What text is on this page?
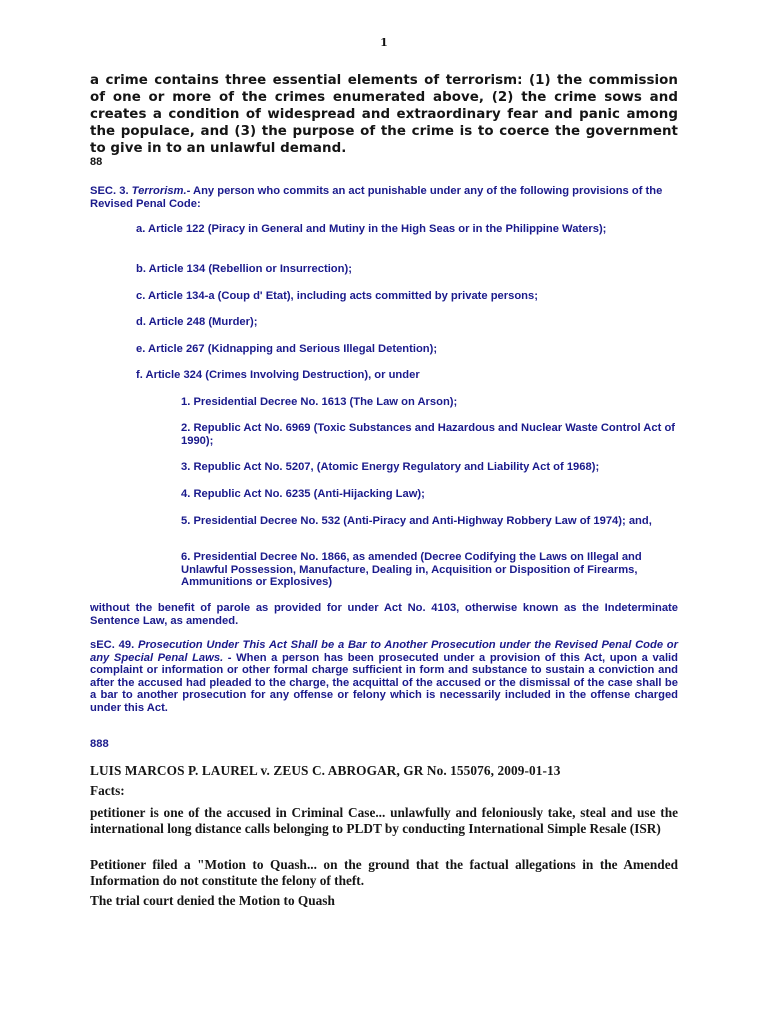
1
a crime contains three essential elements of terrorism: (1) the commission of one or more of the crimes enumerated above, (2) the crime sows and creates a condition of widespread and extraordinary fear and panic among the populace, and (3) the purpose of the crime is to coerce the government to give in to an unlawful demand.
88
SEC. 3. Terrorism.- Any person who commits an act punishable under any of the following provisions of the Revised Penal Code:
a. Article 122 (Piracy in General and Mutiny in the High Seas or in the Philippine Waters);
b. Article 134 (Rebellion or Insurrection);
c. Article 134-a (Coup d' Etat), including acts committed by private persons;
d. Article 248 (Murder);
e. Article 267 (Kidnapping and Serious Illegal Detention);
f. Article 324 (Crimes Involving Destruction), or under
1. Presidential Decree No. 1613 (The Law on Arson);
2. Republic Act No. 6969 (Toxic Substances and Hazardous and Nuclear Waste Control Act of 1990);
3. Republic Act No. 5207, (Atomic Energy Regulatory and Liability Act of 1968);
4. Republic Act No. 6235 (Anti-Hijacking Law);
5. Presidential Decree No. 532 (Anti-Piracy and Anti-Highway Robbery Law of 1974); and,
6. Presidential Decree No. 1866, as amended (Decree Codifying the Laws on Illegal and Unlawful Possession, Manufacture, Dealing in, Acquisition or Disposition of Firearms, Ammunitions or Explosives)
without the benefit of parole as provided for under Act No. 4103, otherwise known as the Indeterminate Sentence Law, as amended.
sEC. 49. Prosecution Under This Act Shall be a Bar to Another Prosecution under the Revised Penal Code or any Special Penal Laws. - When a person has been prosecuted under a provision of this Act, upon a valid complaint or information or other formal charge sufficient in form and substance to sustain a conviction and after the accused had pleaded to the charge, the acquittal of the accused or the dismissal of the case shall be a bar to another prosecution for any offense or felony which is necessarily included in the offense charged under this Act.
888
LUIS MARCOS P. LAUREL v. ZEUS C. ABROGAR, GR No. 155076, 2009-01-13
Facts:
petitioner is one of the accused in Criminal Case... unlawfully and feloniously take, steal and use the international long distance calls belonging to PLDT by conducting International Simple Resale (ISR)
Petitioner filed a "Motion to Quash... on the ground that the factual allegations in the Amended Information do not constitute the felony of theft.
The trial court denied the Motion to Quash
